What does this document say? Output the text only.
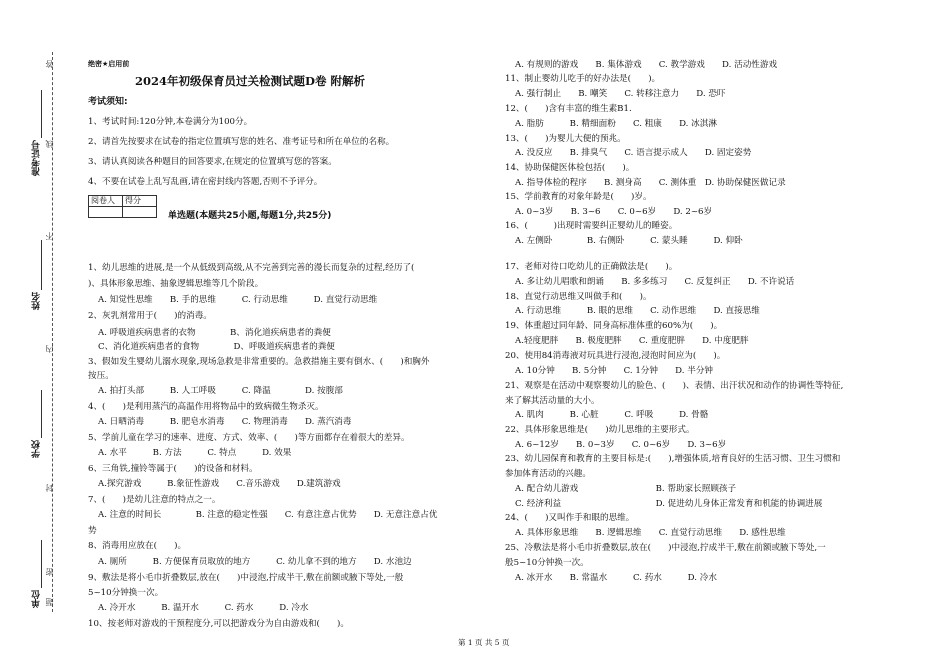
准考证号
姓名
学校
单位
答
题
不
内
线
封
密
绝密★启用前
2024年初级保育员过关检测试题D卷 附解析
考试须知:
1、考试时间:120分钟,本卷满分为100分。
2、请首先按要求在试卷的指定位置填写您的姓名、准考证号和所在单位的名称。
3、请认真阅读各种题目的回答要求,在规定的位置填写您的答案。
4、不要在试卷上乱写乱画,请在密封线内答题,否则不予评分。
阅卷人	得分

单选题(本题共25小题,每题1分,共25分)
1、幼儿思维的进展,是一个从低级到高级,从不完善到完善的漫长而复杂的过程,经历了(
)、具体形象思维、抽象逻辑思维等几个阶段。
A. 知觉性思维　　B. 手的思维　　　C. 行动思维　　　D. 直觉行动思维
2、灰乳剂常用于(　　)的消毒。
A. 呼吸道疾病患者的衣物　　　　B、消化道疾病患者的粪便
C、消化道疾病患者的食物　　　　D、呼吸道疾病患者的粪便
3、假如发生婴幼儿溺水现象,现场急救是非常重要的。急救措施主要有倒水、(　　)和胸外
按压。
A. 拍打头部　　　B. 人工呼吸　　　C. 降温　　　　D. 按腹部
4、(　　)是利用蒸汽的高温作用将物品中的致病微生物杀灭。
A. 日晒消毒　　　B. 肥皂水消毒　　C. 物理消毒　　D. 蒸汽消毒
5、学前儿童在学习的速率、进度、方式、效率、(　　)等方面都存在着很大的差异。
A. 水平　　　B. 方法　　　C. 特点　　　D. 效果
6、三角铁,撞铃等属于(　　)的设备和材料。
A.探究游戏　　　B.象征性游戏　　C.音乐游戏　　D.建筑游戏
7、(　　)是幼儿注意的特点之一。
A. 注意的时间长　　　　B. 注意的稳定性强　　C. 有意注意占优势　　D. 无意注意占优
势
8、消毒用应放在(　　)。
A. 厕所　　　B. 方便保育员取放的地方　　　C. 幼儿拿不到的地方　　D. 水池边
9、敷法是将小毛巾折叠数层,放在(　　)中浸泡,拧成半干,敷在前额或腋下等处,一般
5~10分钟换一次。
A. 冷开水　　　B. 温开水　　　C. 药水　　　D. 冷水
10、按老师对游戏的干预程度分,可以把游戏分为自由游戏和(　　)。
A. 有规则的游戏　　B. 集体游戏　　C. 教学游戏　　D. 活动性游戏
11、制止婴幼儿吃手的好办法是(　　)。
A. 强行制止　　B. 嘲笑　　C. 转移注意力　　D. 恐吓
12、(　　)含有丰富的维生素B1.
A. 脂肪　　　B. 精细面粉　　C. 粗康　　D. 冰淇淋
13、(　　)为婴儿大便的预兆。
A. 没反应　　B. 排臭气　　C. 语言提示成人　　D. 固定姿势
14、协助保健医体检包括(　　)。
A. 指导体检的程序　　B. 测身高　　C. 测体重　D. 协助保健医做记录
15、学前教育的对象年龄是(　　)岁。
A. 0~3岁　　B. 3~6　　C. 0~6岁　　D. 2~6岁
16、(　　　)出现时需要纠正婴幼儿的睡姿。
A. 左侧卧　　　　B. 右侧卧　　　C. 蒙头睡　　　D. 仰卧
17、老师对待口吃幼儿的正确做法是(　　)。
A. 多让幼儿唱歌和朗诵　　B. 多多练习　　C. 反复纠正　　D. 不许说话
18、直觉行动思维又叫做手和(　　)。
A. 行动思维　　　B. 眼的思维　　C. 动作思维　　D. 直接思维
19、体重超过同年龄、同身高标准体重的60%为(　　)。
A.轻度肥胖　　B. 极度肥胖　　C. 重度肥胖　　D. 中度肥胖
20、使用84消毒液对玩具进行浸泡,浸泡时间应为(　　)。
A. 10分钟　　B. 5分钟　　C. 1分钟　　D. 半分钟
21、观察是在活动中观察婴幼儿的脸色、(　　)、表情、出汗状况和动作的协调性等特征,
来了解其活动量的大小。
A. 肌肉　　　B. 心脏　　　C. 呼吸　　　D. 骨骼
22、具体形象思维是(　　)幼儿思维的主要形式。
A. 6~12岁　　B. 0~3岁　　C. 0~6岁　　D. 3~6岁
23、幼儿园保育和教育的主要目标是:(　　),增强体质,培育良好的生活习惯、卫生习惯和
参加体育活动的兴趣。
A. 配合幼儿游戏　　　　　　　　　B. 帮助家长照顾孩子
C. 经济利益　　　　　　　　　　　D. 促进幼儿身体正常发育和机能的协调进展
24、(　　)又叫作手和眼的思维。
A. 具体形象思维　　B. 逻辑思维　　C. 直觉行动思维　　D. 感性思维
25、冷敷法是将小毛巾折叠数层,放在(　　)中浸泡,拧成半干,敷在前额或腋下等处,一
般5~10分钟换一次。
A. 冰开水　　B. 常温水　　　C. 药水　　　D. 冷水
第 1 页 共 5 页
